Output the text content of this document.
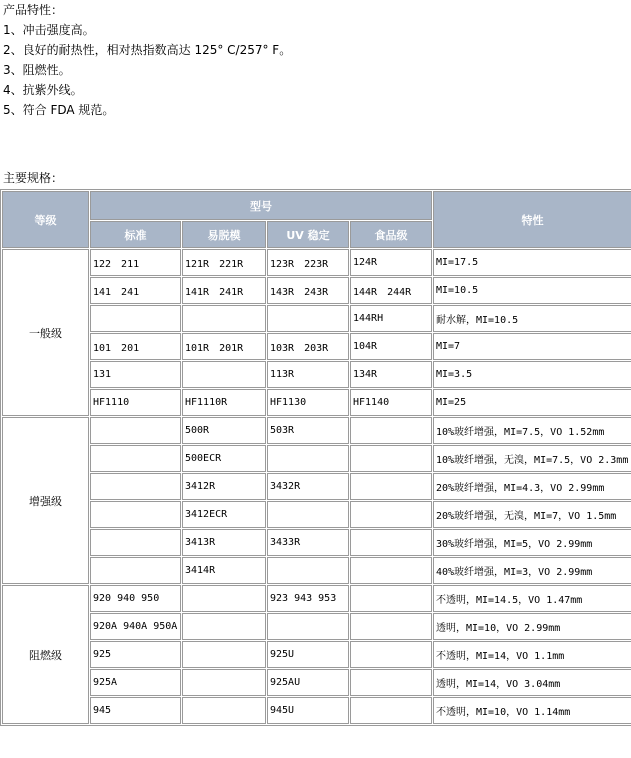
产品特性：
1、冲击强度高。
2、良好的耐热性，相对热指数高达 125° C/257° F。
3、阻燃性。
4、抗紫外线。
5、符合 FDA 规范。
主要规格：
等级	型号				特性
	标准	易脱模	UV 稳定	食品级	
一般级	122　211	121R　221R	123R　223R	124R	MI=17.5
	141　241	141R　241R	143R　243R	144R　244R	MI=10.5
				144RH	耐水解，MI=10.5
	101　201	101R　201R	103R　203R	104R	MI=7
	131		113R	134R	MI=3.5
	HF1110	HF1110R	HF1130	HF1140	MI=25
增强级		500R	503R		10%玻纤增强，MI=7.5，VO 1.52mm
		500ECR			10%玻纤增强，无溴，MI=7.5，VO 2.3mm
		3412R	3432R		20%玻纤增强，MI=4.3，VO 2.99mm
		3412ECR			20%玻纤增强，无溴，MI=7，VO 1.5mm
		3413R	3433R		30%玻纤增强，MI=5，VO 2.99mm
		3414R			40%玻纤增强，MI=3，VO 2.99mm
阻燃级	920 940 950		923 943 953		不透明，MI=14.5，VO 1.47mm
	920A 940A 950A				透明，MI=10，VO 2.99mm
	925		925U		不透明，MI=14，VO 1.1mm
	925A		925AU		透明，MI=14，VO 3.04mm
	945		945U		不透明，MI=10，VO 1.14mm
